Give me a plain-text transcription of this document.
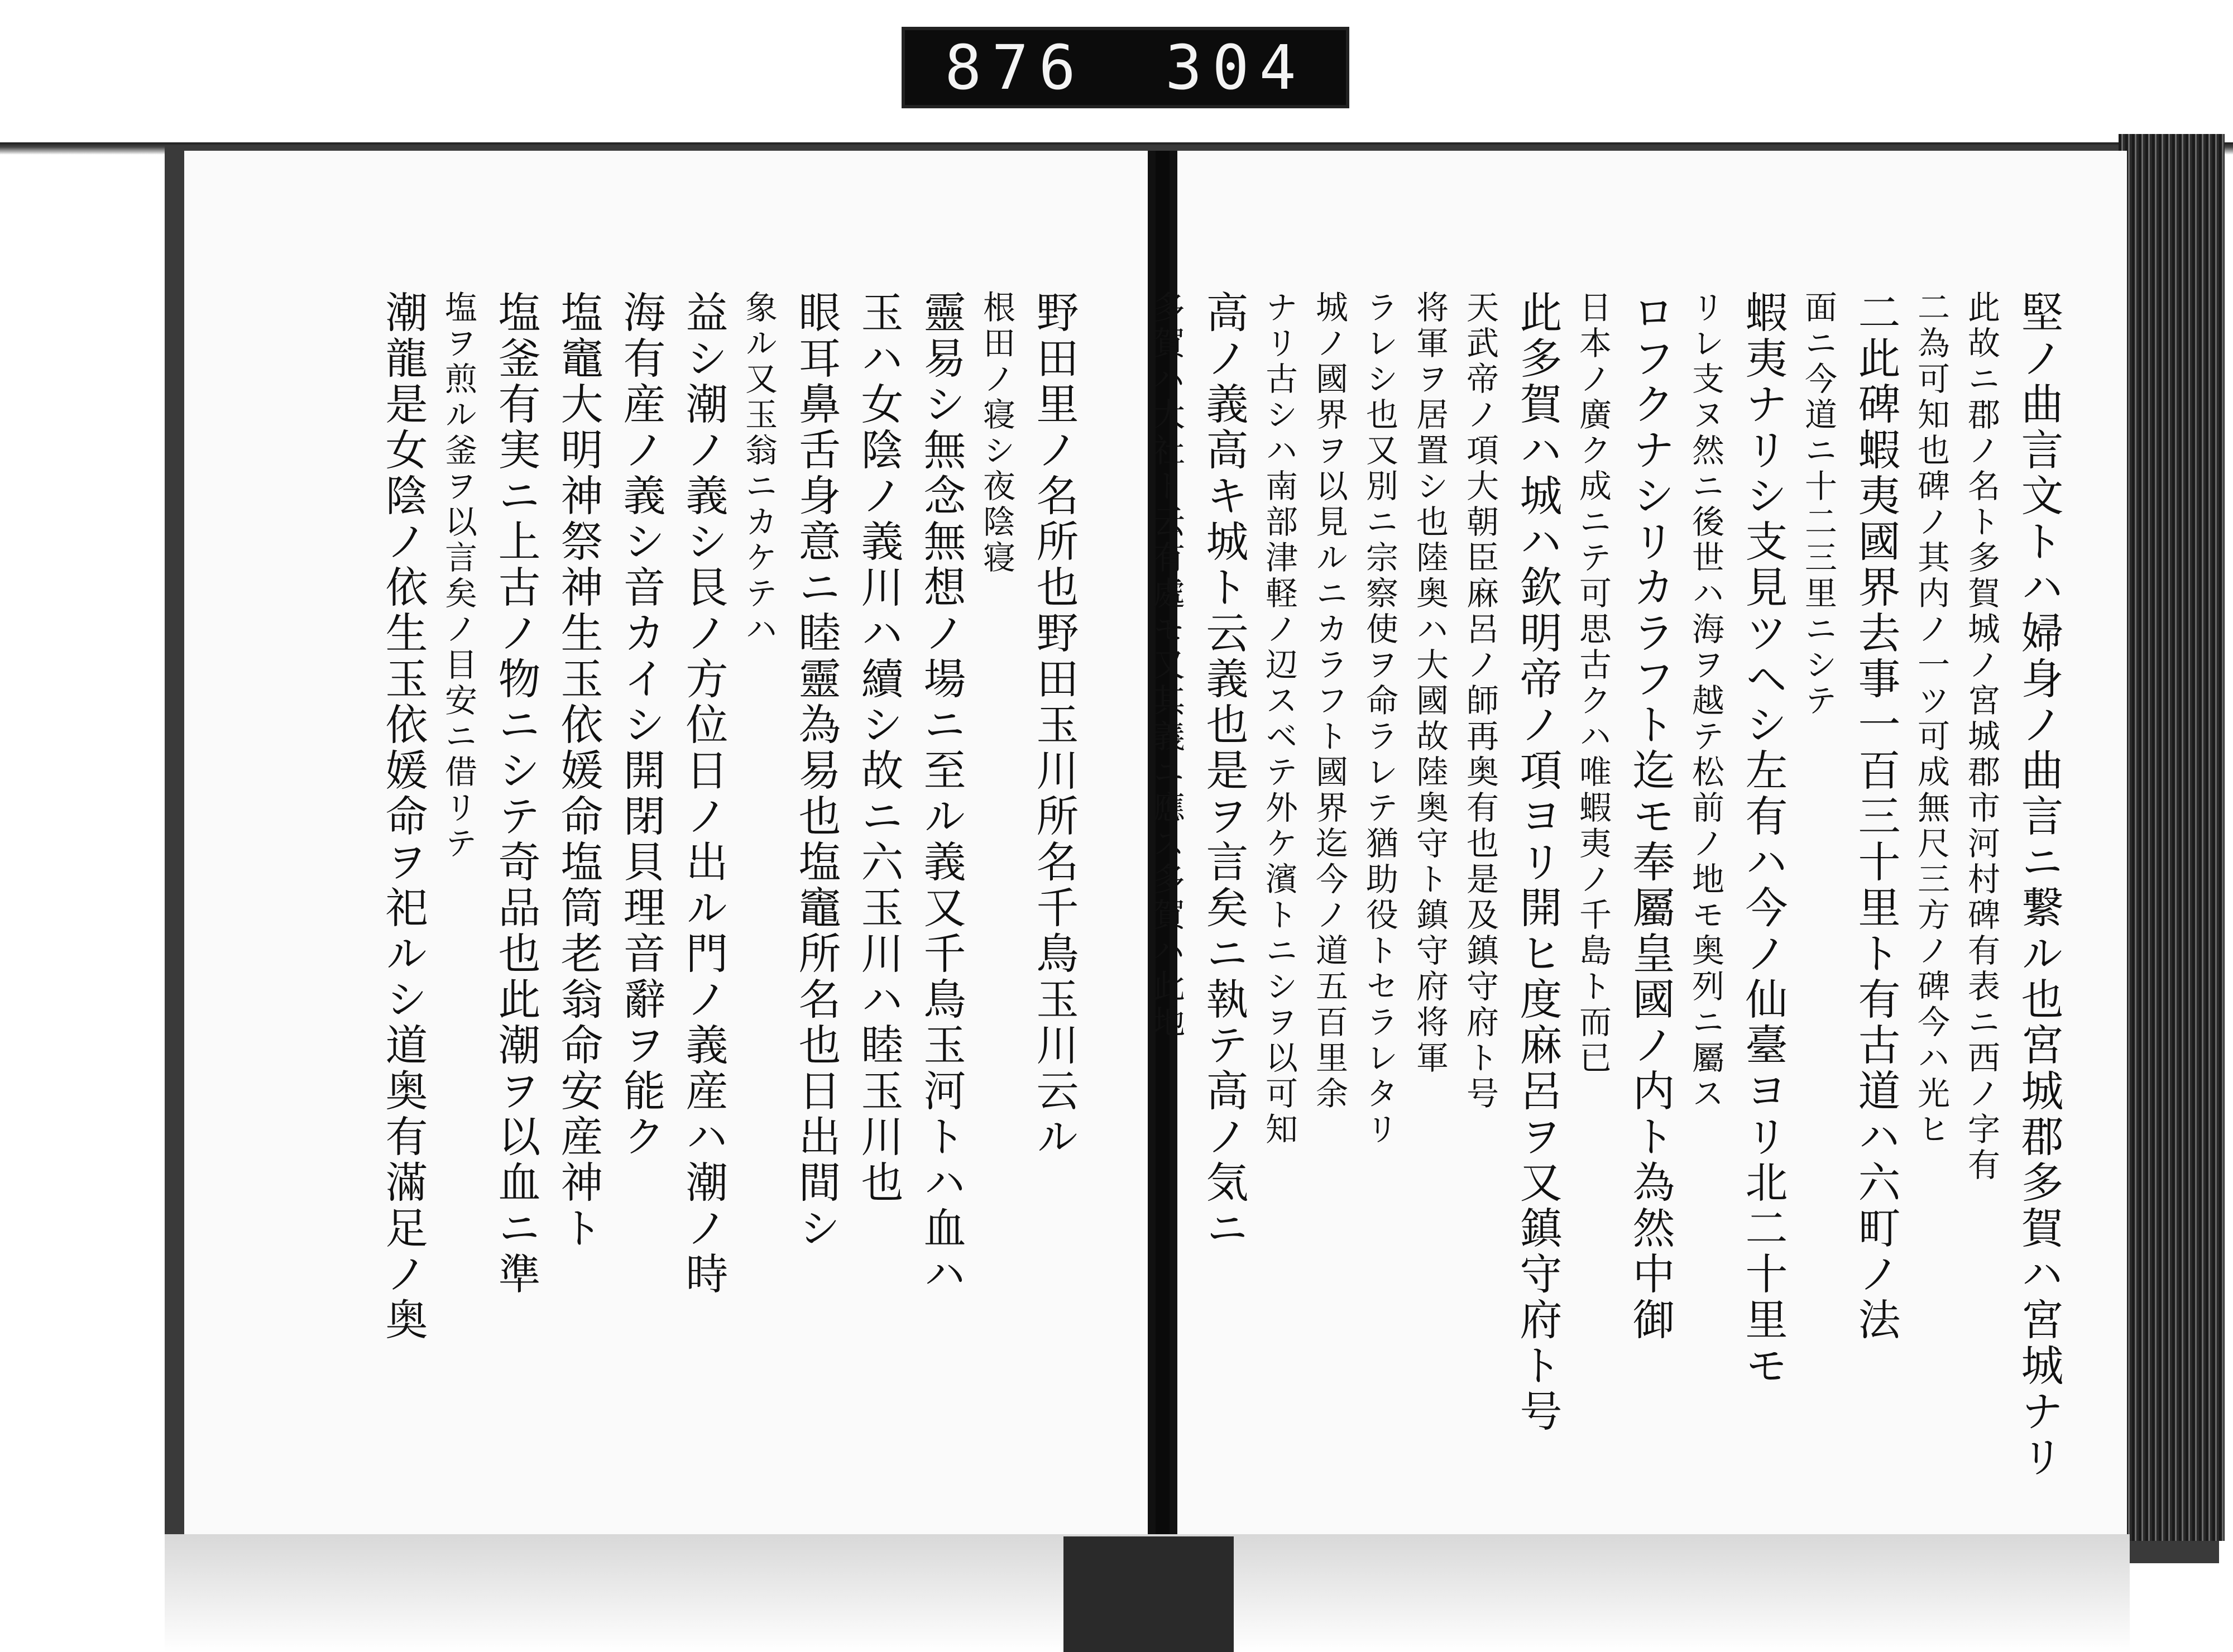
876 304
野田里ノ名所也野田玉川所名千鳥玉川云ル
根田ノ寝シ夜陰寝
靈易シ無念無想ノ場ニ至ル義又千鳥玉河トハ血ハ
玉ハ女陰ノ義川ハ續シ故ニ六玉川ハ睦玉川也
眼耳鼻舌身意ニ睦靈為易也塩竈所名也日出間シ
象ル又玉翁ニカケテハ
益シ潮ノ義シ艮ノ方位日ノ出ル門ノ義産ハ潮ノ時
海有産ノ義シ音カイシ開閉貝理音辭ヲ能ク
塩竈大明神祭神生玉依媛命塩筒老翁命安産神ト
塩釜有実ニ上古ノ物ニシテ奇品也此潮ヲ以血ニ準
塩ヲ煎ル釜ヲ以言矣ノ目安ニ借リテ
潮龍是女陰ノ依生玉依媛命ヲ祀ルシ道奥有滿足ノ奥	堅ノ曲言文トハ婦身ノ曲言ニ繋ル也宮城郡多賀ハ宮城ナリ
此故ニ郡ノ名ト多賀城ノ宮城郡市河村碑有表ニ西ノ字有
二為可知也碑ノ其内ノ一ツ可成無尺三方ノ碑今ハ光ヒ
二此碑蝦夷國界去事一百三十里ト有古道ハ六町ノ法
面ニ今道ニ十二三里ニシテ
蝦夷ナリシ支見ツヘシ左有ハ今ノ仙臺ヨリ北二十里モ
リレ支ヌ然ニ後世ハ海ヲ越テ松前ノ地モ奥列ニ屬ス
ロフクナシリカラフト迄モ奉屬皇國ノ内ト為然中御
日本ノ廣ク成ニテ可思古クハ唯蝦夷ノ千島ト而已
此多賀ハ城ハ欽明帝ノ項ヨリ開ヒ度麻呂ヲ又鎮守府ト号
天武帝ノ項大朝臣麻呂ノ師再奥有也是及鎮守府ト号
将軍ヲ居置シ也陸奥ハ大國故陸奥守ト鎮守府将軍
ラレシ也又別ニ宗察使ヲ命ラレテ猶助役トセラレタリ
城ノ國界ヲ以見ルニカラフト國界迄今ノ道五百里余
ナリ古シハ南部津軽ノ辺スベテ外ケ濱トニシヲ以可知
高ノ義高キ城ト云義也是ヲ言矣ニ執テ高ノ気ニ
多賀ハ大社ト云有處モ又其義ニ應ス多賀ハ此地
